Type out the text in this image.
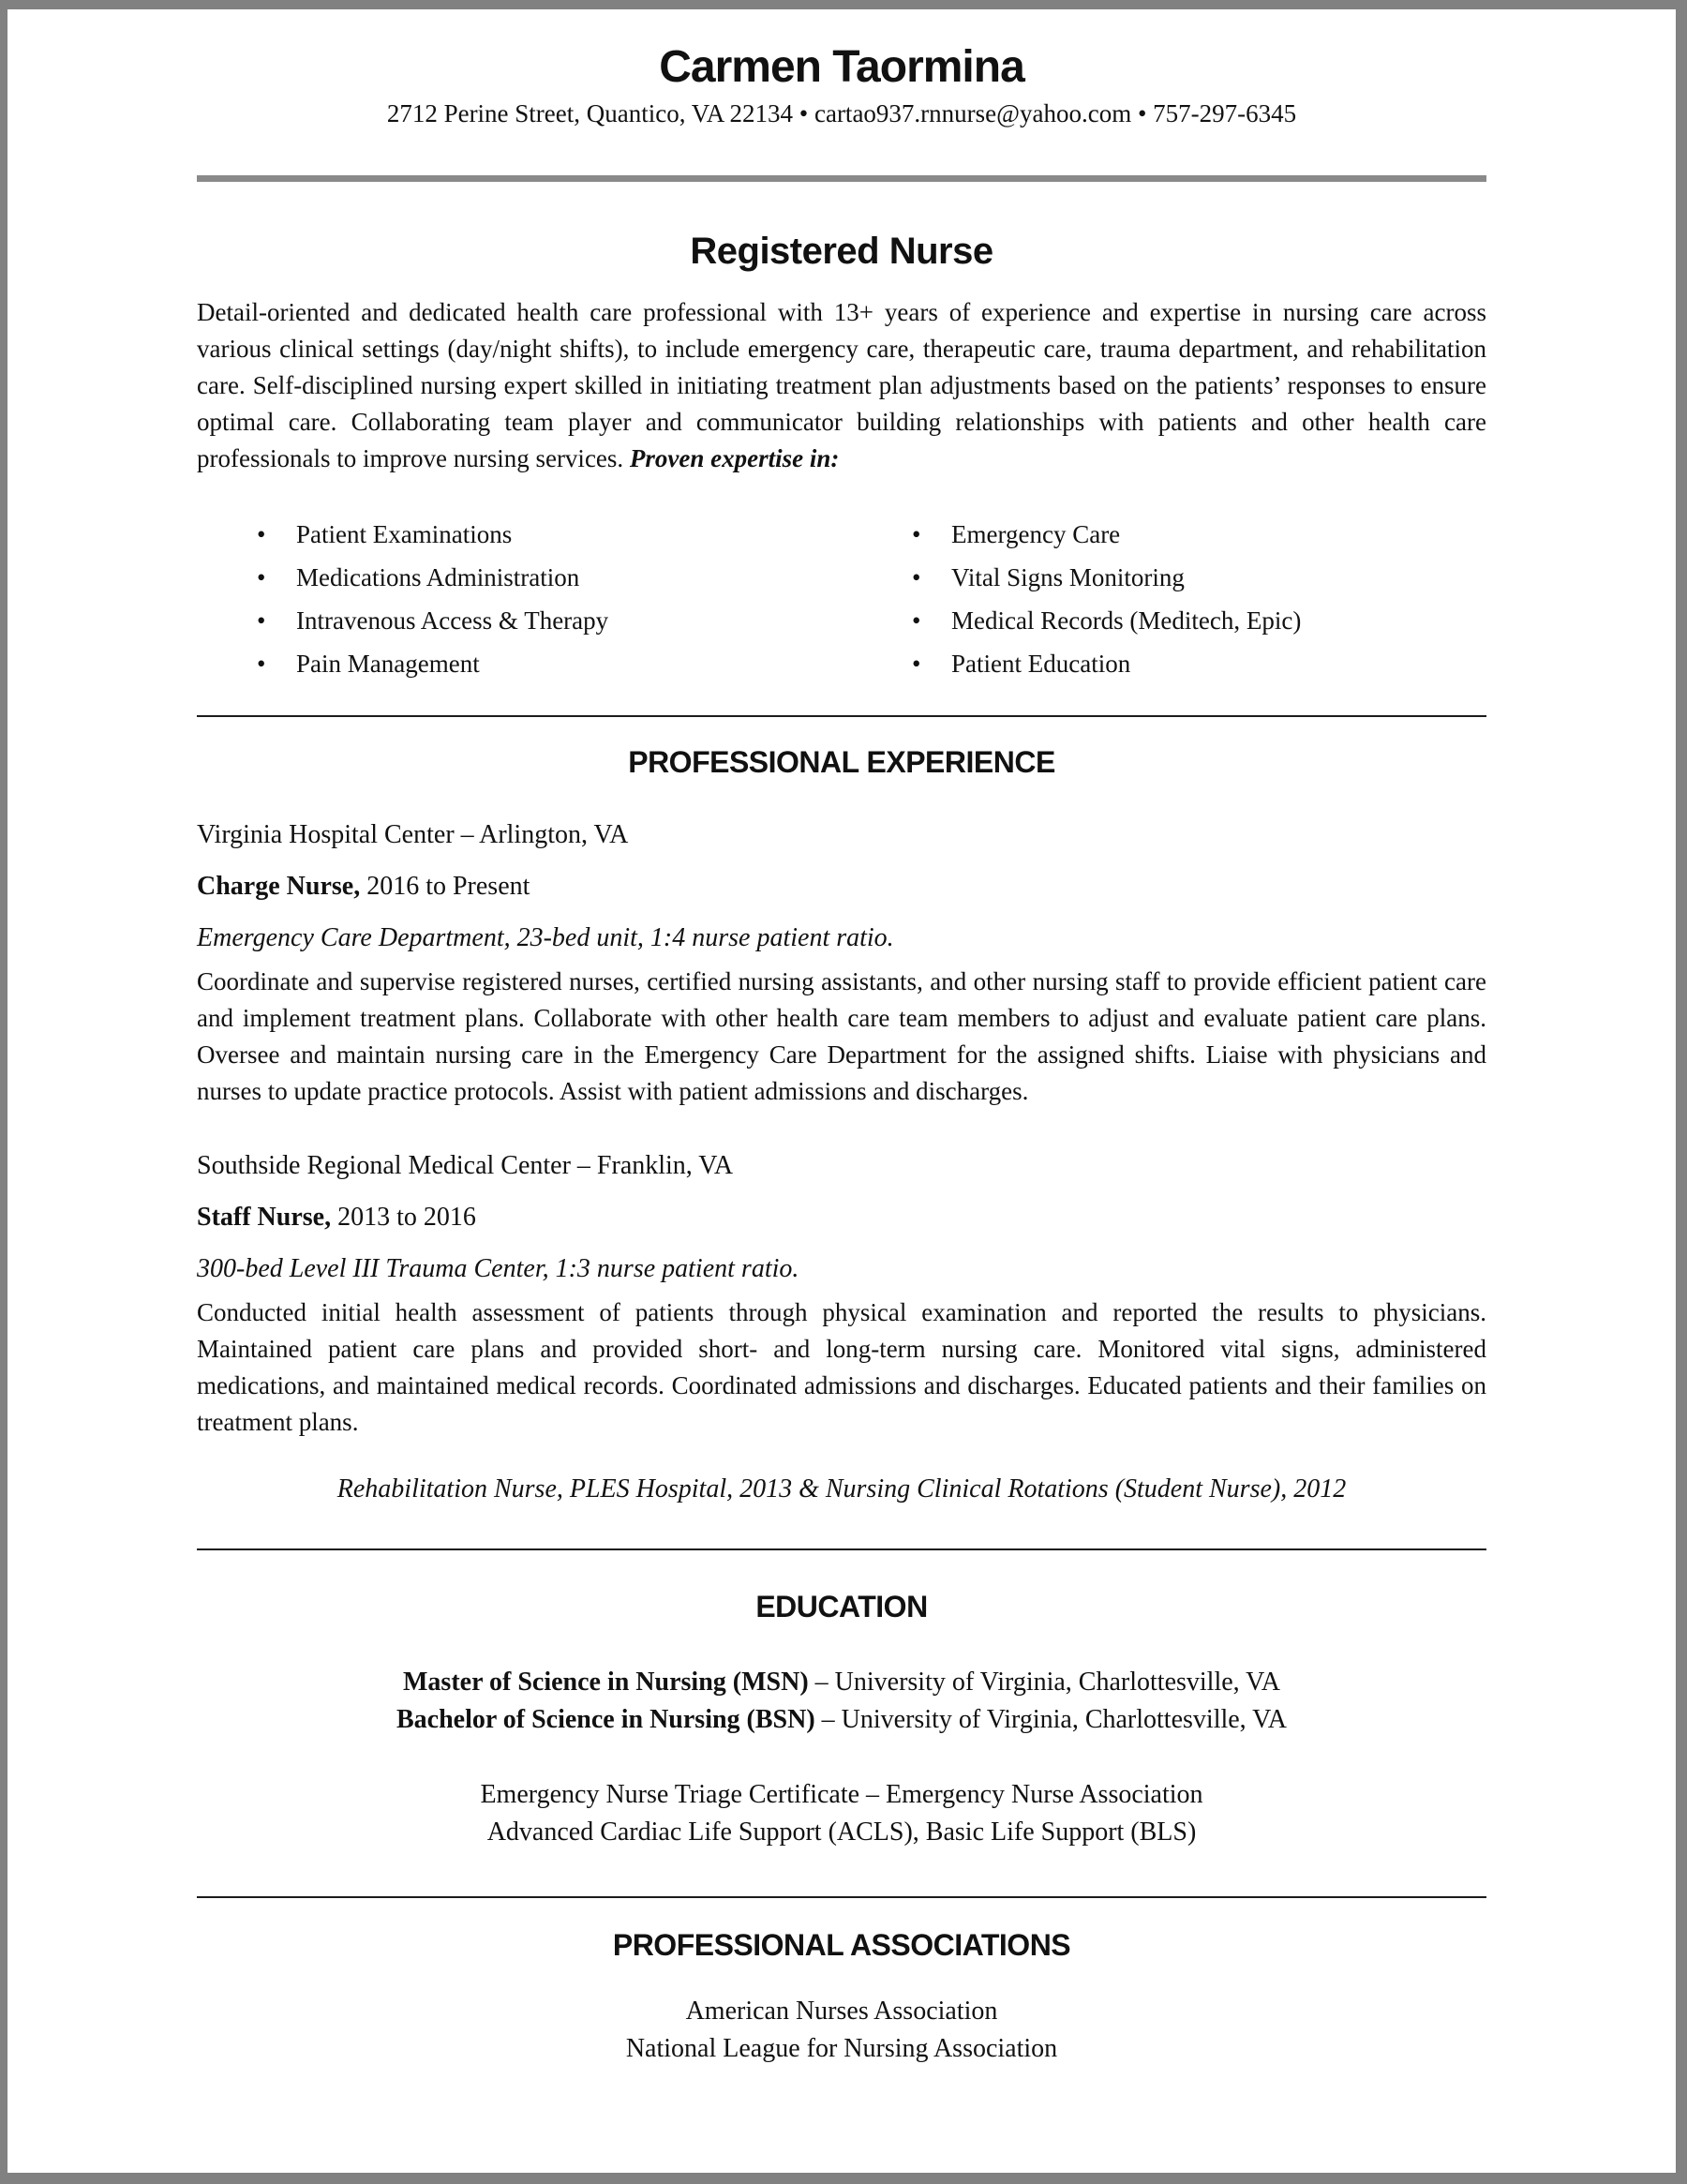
Carmen Taormina
2712 Perine Street, Quantico, VA 22134 • cartao937.rnnurse@yahoo.com • 757-297-6345
Registered Nurse

Detail-oriented and dedicated health care professional with 13+ years of experience and expertise in nursing care across various clinical settings (day/night shifts), to include emergency care, therapeutic care, trauma department, and rehabilitation care. Self-disciplined nursing expert skilled in initiating treatment plan adjustments based on the patients’ responses to ensure optimal care. Collaborating team player and communicator building relationships with patients and other health care professionals to improve nursing services. Proven expertise in:

• Patient Examinations
• Medications Administration
• Intravenous Access & Therapy
• Pain Management
• Emergency Care
• Vital Signs Monitoring
• Medical Records (Meditech, Epic)
• Patient Education
PROFESSIONAL EXPERIENCE
Virginia Hospital Center – Arlington, VA
Charge Nurse, 2016 to Present
Emergency Care Department, 23-bed unit, 1:4 nurse patient ratio.

Coordinate and supervise registered nurses, certified nursing assistants, and other nursing staff to provide efficient patient care and implement treatment plans. Collaborate with other health care team members to adjust and evaluate patient care plans. Oversee and maintain nursing care in the Emergency Care Department for the assigned shifts. Liaise with physicians and nurses to update practice protocols. Assist with patient admissions and discharges.

Southside Regional Medical Center – Franklin, VA
Staff Nurse, 2013 to 2016
300-bed Level III Trauma Center, 1:3 nurse patient ratio.

Conducted initial health assessment of patients through physical examination and reported the results to physicians. Maintained patient care plans and provided short- and long-term nursing care. Monitored vital signs, administered medications, and maintained medical records. Coordinated admissions and discharges. Educated patients and their families on treatment plans.

Rehabilitation Nurse, PLES Hospital, 2013 & Nursing Clinical Rotations (Student Nurse), 2012
EDUCATION
Master of Science in Nursing (MSN) – University of Virginia, Charlottesville, VA
Bachelor of Science in Nursing (BSN) – University of Virginia, Charlottesville, VA
Emergency Nurse Triage Certificate – Emergency Nurse Association
Advanced Cardiac Life Support (ACLS), Basic Life Support (BLS)
PROFESSIONAL ASSOCIATIONS
American Nurses Association
National League for Nursing Association
